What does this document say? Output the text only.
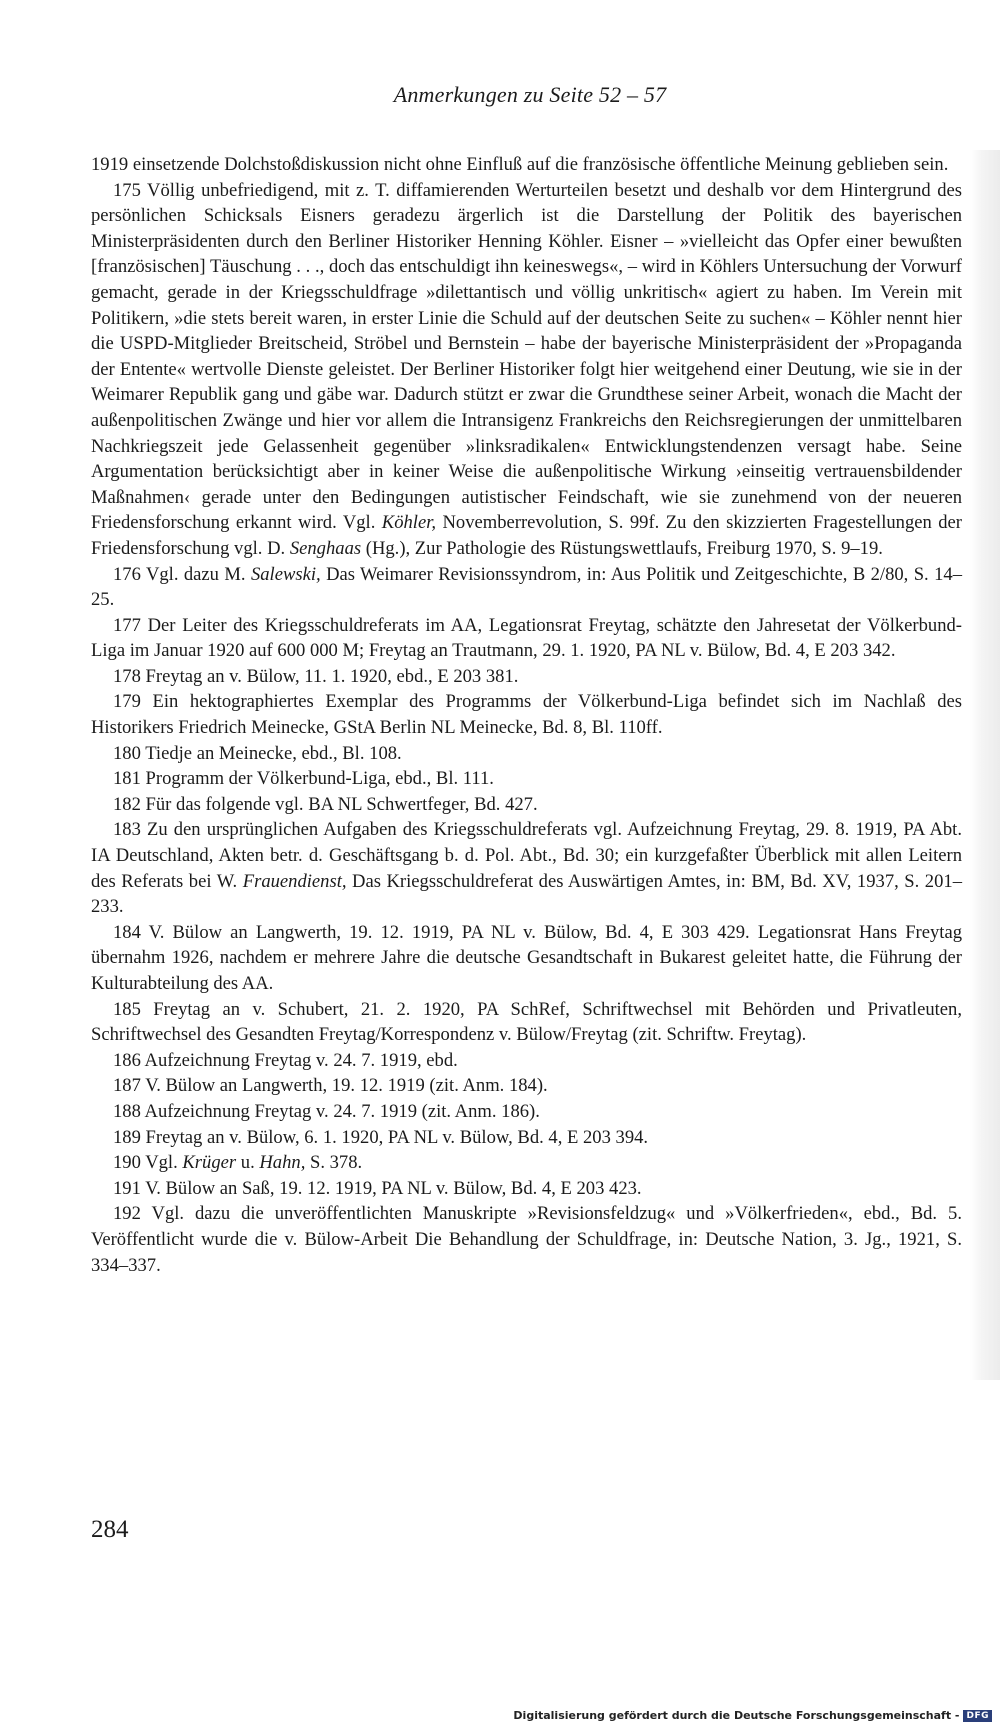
Anmerkungen zu Seite 52 – 57

1919 einsetzende Dolchstoßdiskussion nicht ohne Einfluß auf die französische öffentliche Meinung geblieben sein.

175 Völlig unbefriedigend, mit z. T. diffamierenden Werturteilen besetzt und deshalb vor dem Hintergrund des persönlichen Schicksals Eisners geradezu ärgerlich ist die Darstellung der Politik des bayerischen Ministerpräsidenten durch den Berliner Historiker Henning Köhler. Eisner – »vielleicht das Opfer einer bewußten [französischen] Täuschung . . ., doch das entschuldigt ihn keineswegs«, – wird in Köhlers Untersuchung der Vorwurf gemacht, gerade in der Kriegsschuldfrage »dilettantisch und völlig unkritisch« agiert zu haben. Im Verein mit Politikern, »die stets bereit waren, in erster Linie die Schuld auf der deutschen Seite zu suchen« – Köhler nennt hier die USPD-Mitglieder Breitscheid, Ströbel und Bernstein – habe der bayerische Ministerpräsident der »Propaganda der Entente« wertvolle Dienste geleistet. Der Berliner Historiker folgt hier weitgehend einer Deutung, wie sie in der Weimarer Republik gang und gäbe war. Dadurch stützt er zwar die Grundthese seiner Arbeit, wonach die Macht der außenpolitischen Zwänge und hier vor allem die Intransigenz Frankreichs den Reichsregierungen der unmittelbaren Nachkriegszeit jede Gelassenheit gegenüber »linksradikalen« Entwicklungstendenzen versagt habe. Seine Argumentation berücksichtigt aber in keiner Weise die außenpolitische Wirkung ›einseitig vertrauensbildender Maßnahmen‹ gerade unter den Bedingungen autistischer Feindschaft, wie sie zunehmend von der neueren Friedensforschung erkannt wird. Vgl. Köhler, Novemberrevolution, S. 99f. Zu den skizzierten Fragestellungen der Friedensforschung vgl. D. Senghaas (Hg.), Zur Pathologie des Rüstungswettlaufs, Freiburg 1970, S. 9–19.

176 Vgl. dazu M. Salewski, Das Weimarer Revisionssyndrom, in: Aus Politik und Zeitgeschichte, B 2/80, S. 14–25.

177 Der Leiter des Kriegsschuldreferats im AA, Legationsrat Freytag, schätzte den Jahresetat der Völkerbund-Liga im Januar 1920 auf 600 000 M; Freytag an Trautmann, 29. 1. 1920, PA NL v. Bülow, Bd. 4, E 203 342.

178 Freytag an v. Bülow, 11. 1. 1920, ebd., E 203 381.

179 Ein hektographiertes Exemplar des Programms der Völkerbund-Liga befindet sich im Nachlaß des Historikers Friedrich Meinecke, GStA Berlin NL Meinecke, Bd. 8, Bl. 110ff.

180 Tiedje an Meinecke, ebd., Bl. 108.

181 Programm der Völkerbund-Liga, ebd., Bl. 111.

182 Für das folgende vgl. BA NL Schwertfeger, Bd. 427.

183 Zu den ursprünglichen Aufgaben des Kriegsschuldreferats vgl. Aufzeichnung Freytag, 29. 8. 1919, PA Abt. IA Deutschland, Akten betr. d. Geschäftsgang b. d. Pol. Abt., Bd. 30; ein kurzgefaßter Überblick mit allen Leitern des Referats bei W. Frauendienst, Das Kriegsschuldreferat des Auswärtigen Amtes, in: BM, Bd. XV, 1937, S. 201–233.

184 V. Bülow an Langwerth, 19. 12. 1919, PA NL v. Bülow, Bd. 4, E 303 429. Legationsrat Hans Freytag übernahm 1926, nachdem er mehrere Jahre die deutsche Gesandtschaft in Bukarest geleitet hatte, die Führung der Kulturabteilung des AA.

185 Freytag an v. Schubert, 21. 2. 1920, PA SchRef, Schriftwechsel mit Behörden und Privatleuten, Schriftwechsel des Gesandten Freytag/Korrespondenz v. Bülow/Freytag (zit. Schriftw. Freytag).

186 Aufzeichnung Freytag v. 24. 7. 1919, ebd.

187 V. Bülow an Langwerth, 19. 12. 1919 (zit. Anm. 184).

188 Aufzeichnung Freytag v. 24. 7. 1919 (zit. Anm. 186).

189 Freytag an v. Bülow, 6. 1. 1920, PA NL v. Bülow, Bd. 4, E 203 394.

190 Vgl. Krüger u. Hahn, S. 378.

191 V. Bülow an Saß, 19. 12. 1919, PA NL v. Bülow, Bd. 4, E 203 423.

192 Vgl. dazu die unveröffentlichten Manuskripte »Revisionsfeldzug« und »Völkerfrieden«, ebd., Bd. 5. Veröffentlicht wurde die v. Bülow-Arbeit Die Behandlung der Schuldfrage, in: Deutsche Nation, 3. Jg., 1921, S. 334–337.

284
Digitalisierung gefördert durch die Deutsche Forschungsgemeinschaft - DFG
